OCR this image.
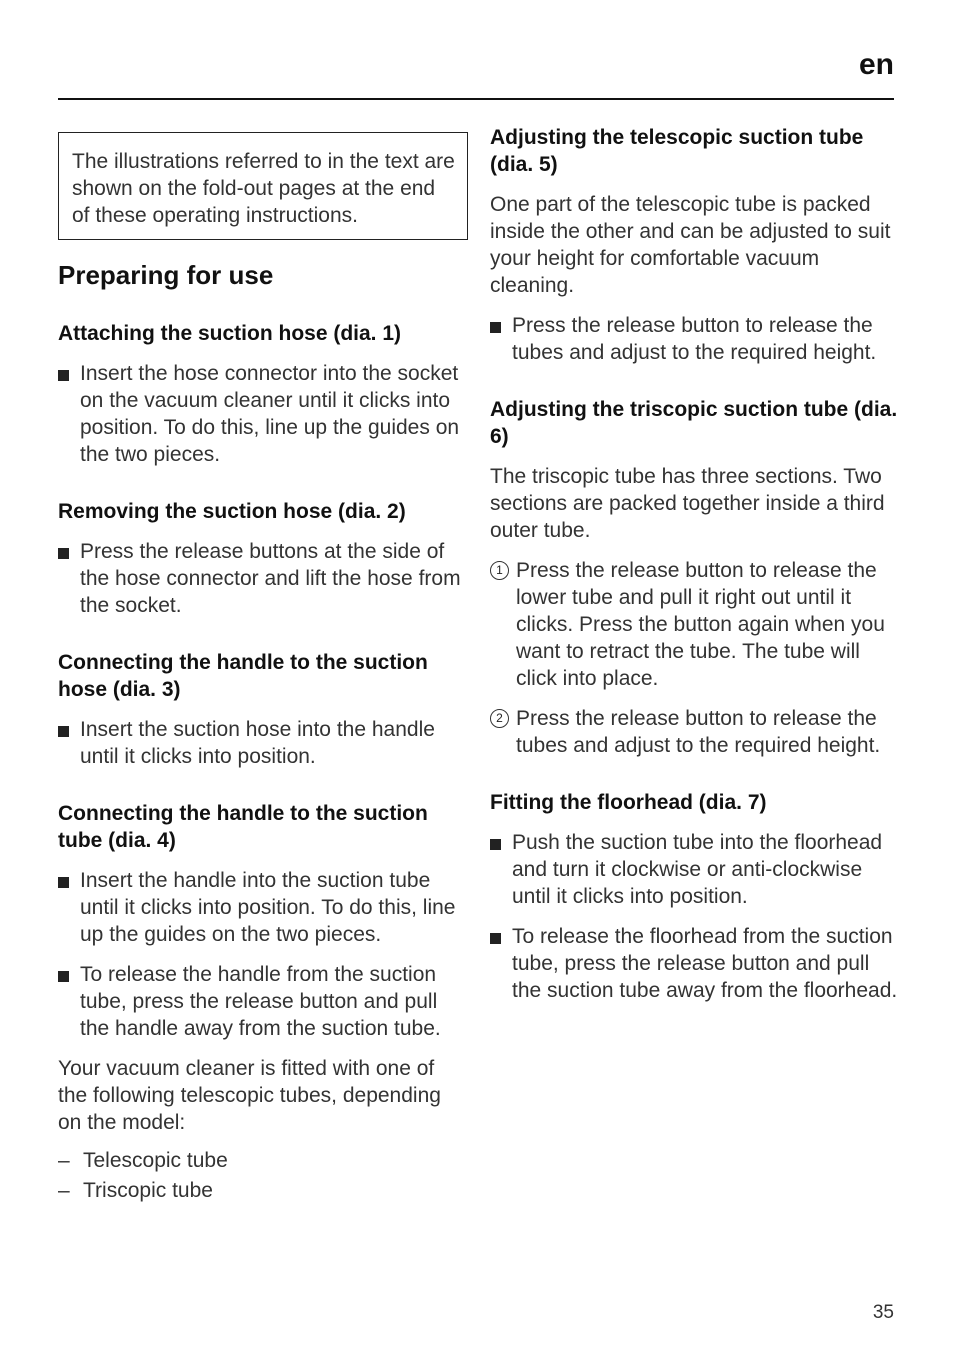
en
The illustrations referred to in the text are shown on the fold-out pages at the end of these operating instructions.
Preparing for use
Attaching the suction hose (dia. 1)
Insert the hose connector into the socket on the vacuum cleaner until it clicks into position. To do this, line up the guides on the two pieces.
Removing the suction hose (dia. 2)
Press the release buttons at the side of the hose connector and lift the hose from the socket.
Connecting the handle to the suction hose (dia. 3)
Insert the suction hose into the handle until it clicks into position.
Connecting the handle to the suction tube (dia. 4)
Insert the handle into the suction tube until it clicks into position. To do this, line up the guides on the two pieces.
To release the handle from the suction tube, press the release button and pull the handle away from the suction tube.

Your vacuum cleaner is fitted with one of the following telescopic tubes, depending on the model:

– Telescopic tube
– Triscopic tube
Adjusting the telescopic suction tube (dia. 5)

One part of the telescopic tube is packed inside the other and can be adjusted to suit your height for comfortable vacuum cleaning.

Press the release button to release the tubes and adjust to the required height.
Adjusting the triscopic suction tube (dia. 6)

The triscopic tube has three sections. Two sections are packed together inside a third outer tube.

1 Press the release button to release the lower tube and pull it right out until it clicks. Press the button again when you want to retract the tube. The tube will click into place.
2 Press the release button to release the tubes and adjust to the required height.
Fitting the floorhead (dia. 7)
Push the suction tube into the floorhead and turn it clockwise or anti-clockwise until it clicks into position.
To release the floorhead from the suction tube, press the release button and pull the suction tube away from the floorhead.
35
